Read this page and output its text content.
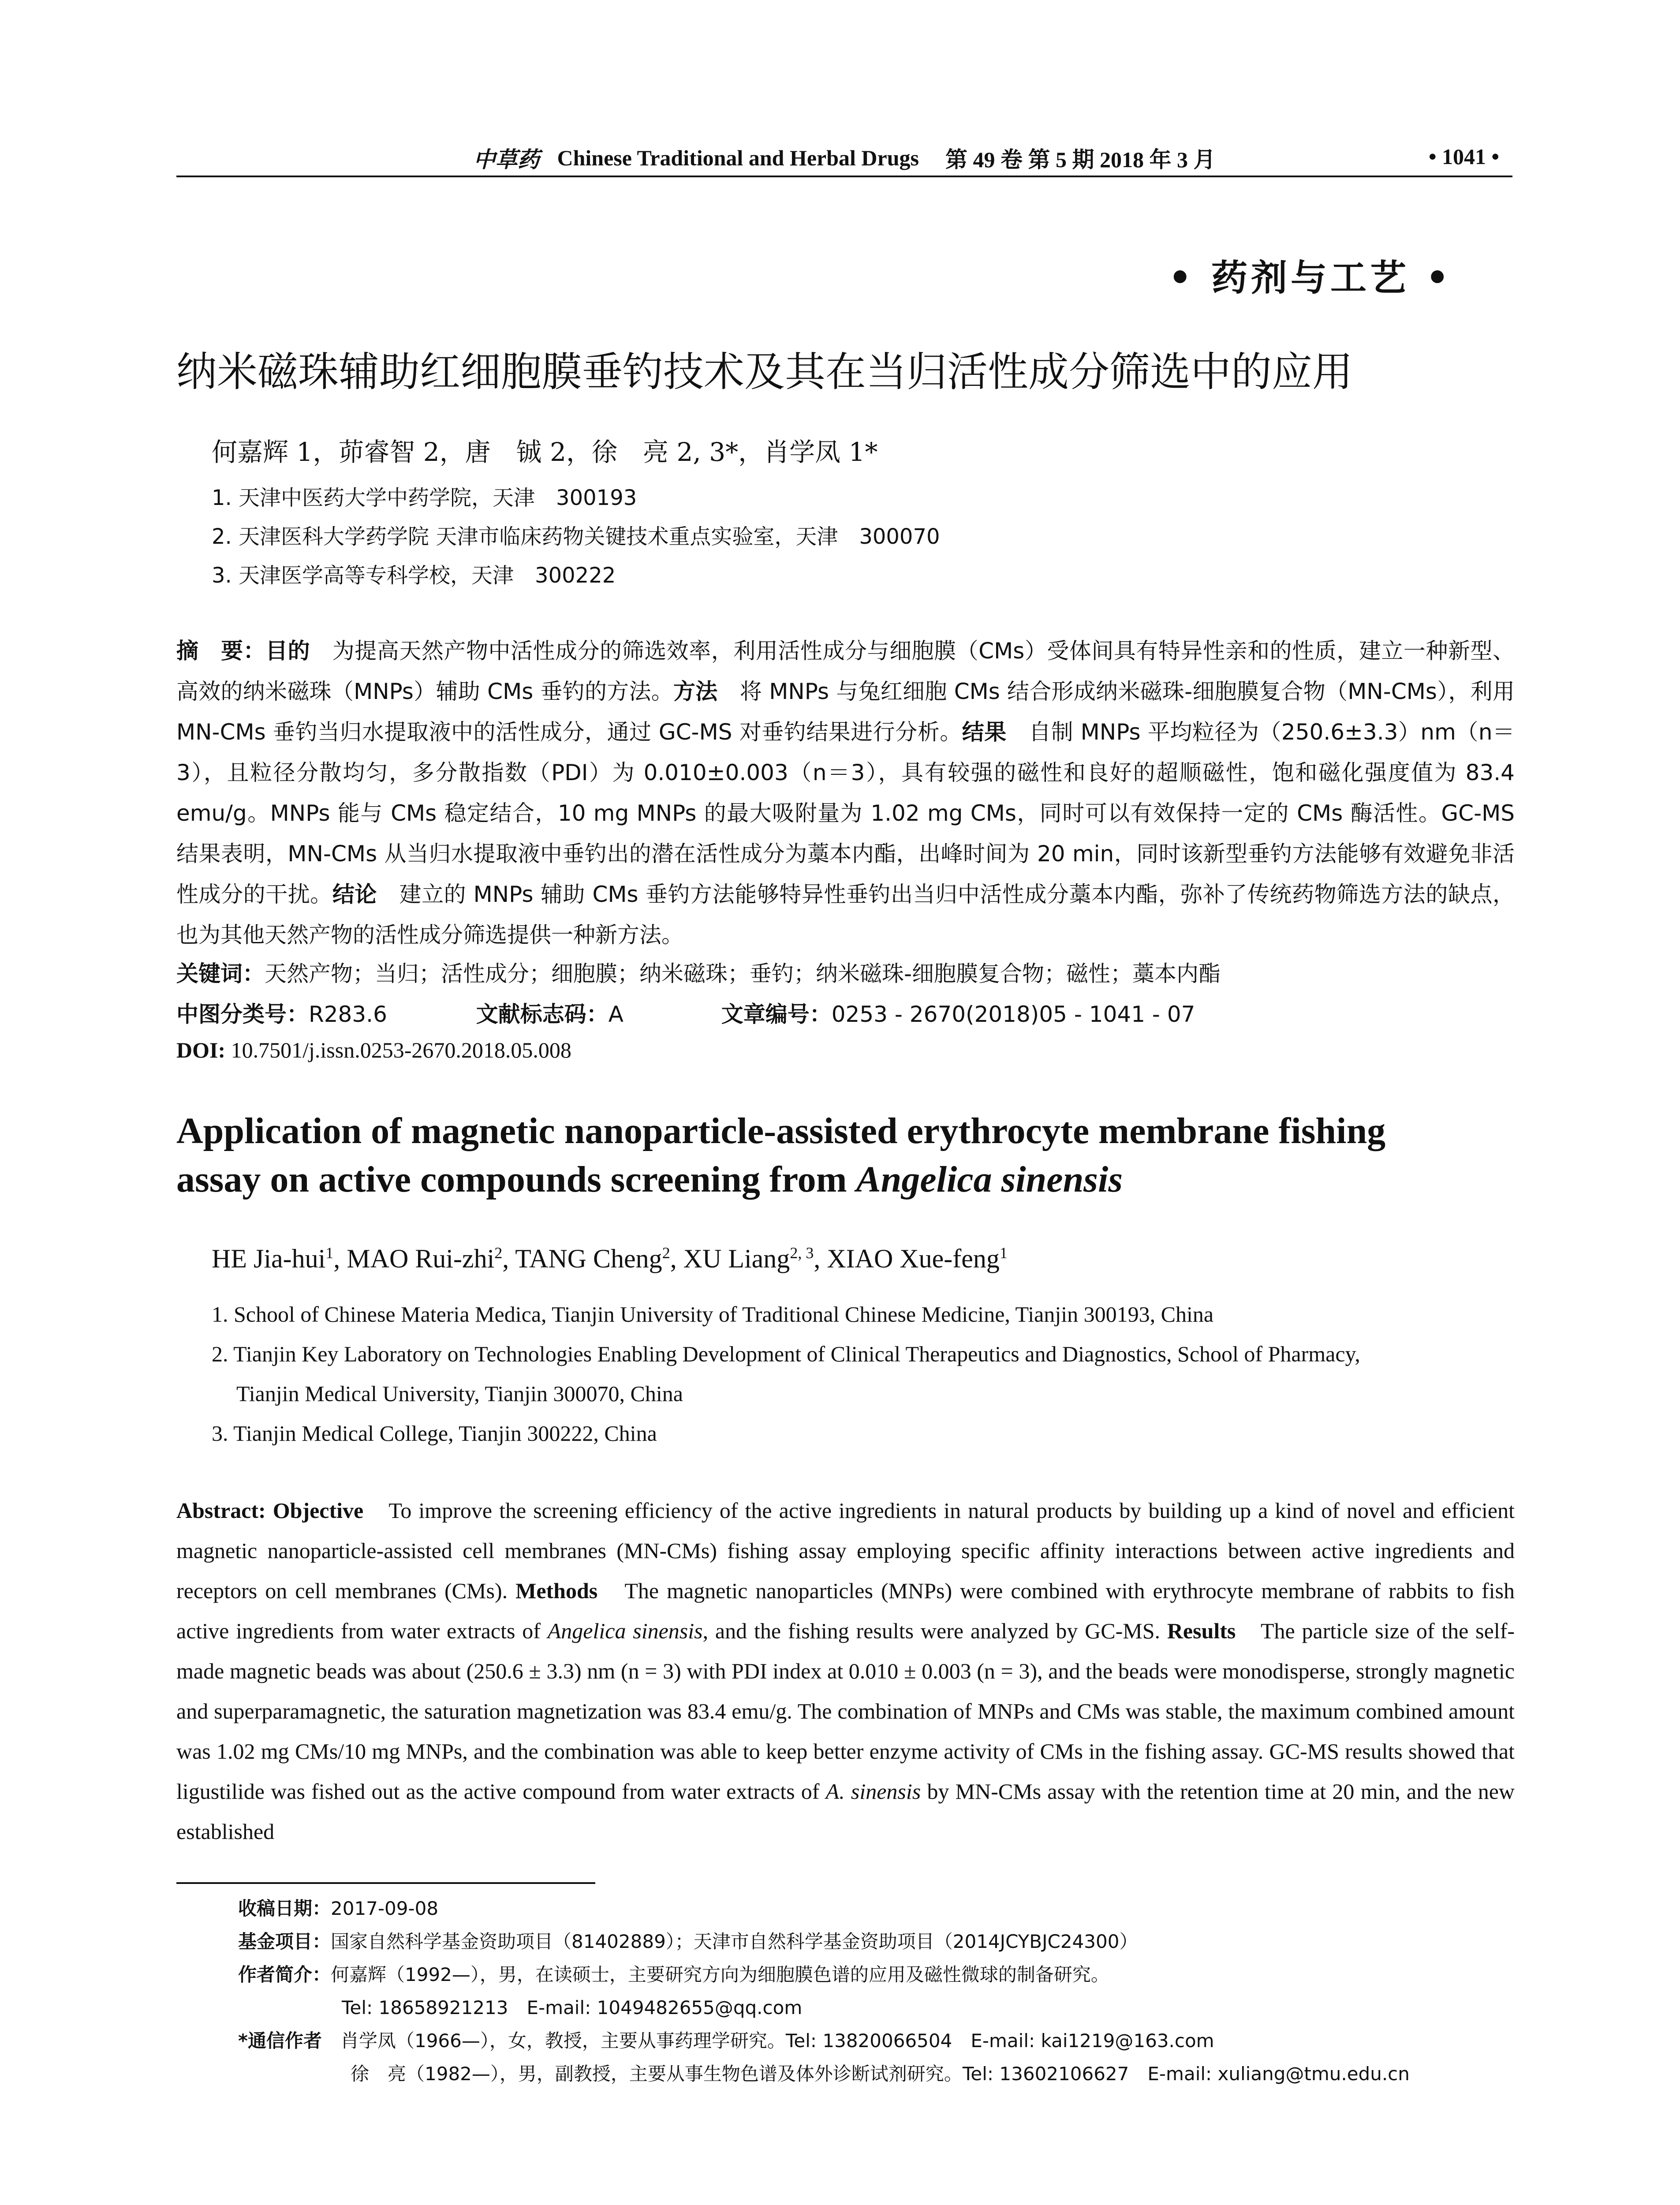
中草药 Chinese Traditional and Herbal Drugs 第 49 卷 第 5 期 2018 年 3 月	• 1041 •
• 药剂与工艺 •
纳米磁珠辅助红细胞膜垂钓技术及其在当归活性成分筛选中的应用
何嘉辉 1，茆睿智 2，唐　铖 2，徐　亮 2, 3*，肖学凤 1*
1. 天津中医药大学中药学院，天津　300193
2. 天津医科大学药学院 天津市临床药物关键技术重点实验室，天津　300070
3. 天津医学高等专科学校，天津　300222
摘　要：目的　为提高天然产物中活性成分的筛选效率，利用活性成分与细胞膜（CMs）受体间具有特异性亲和的性质，建立一种新型、高效的纳米磁珠（MNPs）辅助 CMs 垂钓的方法。方法　将 MNPs 与兔红细胞 CMs 结合形成纳米磁珠-细胞膜复合物（MN-CMs），利用 MN-CMs 垂钓当归水提取液中的活性成分，通过 GC-MS 对垂钓结果进行分析。结果　自制 MNPs 平均粒径为（250.6±3.3）nm（n＝3），且粒径分散均匀，多分散指数（PDI）为 0.010±0.003（n＝3），具有较强的磁性和良好的超顺磁性，饱和磁化强度值为 83.4 emu/g。MNPs 能与 CMs 稳定结合，10 mg MNPs 的最大吸附量为 1.02 mg CMs，同时可以有效保持一定的 CMs 酶活性。GC-MS 结果表明，MN-CMs 从当归水提取液中垂钓出的潜在活性成分为藁本内酯，出峰时间为 20 min，同时该新型垂钓方法能够有效避免非活性成分的干扰。结论　建立的 MNPs 辅助 CMs 垂钓方法能够特异性垂钓出当归中活性成分藁本内酯，弥补了传统药物筛选方法的缺点，也为其他天然产物的活性成分筛选提供一种新方法。
关键词：天然产物；当归；活性成分；细胞膜；纳米磁珠；垂钓；纳米磁珠-细胞膜复合物；磁性；藁本内酯
中图分类号：R283.6	文献标志码：A	文章编号：0253 - 2670(2018)05 - 1041 - 07
DOI: 10.7501/j.issn.0253-2670.2018.05.008
Application of magnetic nanoparticle-assisted erythrocyte membrane fishing
assay on active compounds screening from Angelica sinensis
HE Jia-hui$^1$, MAO Rui-zhi$^2$, TANG Cheng$^2$, XU Liang$^{2, 3}$, XIAO Xue-feng$^1$
1. School of Chinese Materia Medica, Tianjin University of Traditional Chinese Medicine, Tianjin 300193, China
2. Tianjin Key Laboratory on Technologies Enabling Development of Clinical Therapeutics and Diagnostics, School of Pharmacy,
Tianjin Medical University, Tianjin 300070, China
3. Tianjin Medical College, Tianjin 300222, China
Abstract: Objective　To improve the screening efficiency of the active ingredients in natural products by building up a kind of novel and efficient magnetic nanoparticle-assisted cell membranes (MN-CMs) fishing assay employing specific affinity interactions between active ingredients and receptors on cell membranes (CMs). Methods　The magnetic nanoparticles (MNPs) were combined with erythrocyte membrane of rabbits to fish active ingredients from water extracts of Angelica sinensis, and the fishing results were analyzed by GC-MS. Results　The particle size of the self-made magnetic beads was about (250.6 ± 3.3) nm (n = 3) with PDI index at 0.010 ± 0.003 (n = 3), and the beads were monodisperse, strongly magnetic and superparamagnetic, the saturation magnetization was 83.4 emu/g. The combination of MNPs and CMs was stable, the maximum combined amount was 1.02 mg CMs/10 mg MNPs, and the combination was able to keep better enzyme activity of CMs in the fishing assay. GC-MS results showed that ligustilide was fished out as the active compound from water extracts of A. sinensis by MN-CMs assay with the retention time at 20 min, and the new established
收稿日期：2017-09-08
基金项目：国家自然科学基金资助项目（81402889）；天津市自然科学基金资助项目（2014JCYBJC24300）
作者简介：何嘉辉（1992—），男，在读硕士，主要研究方向为细胞膜色谱的应用及磁性微球的制备研究。
Tel: 18658921213　E-mail: 1049482655@qq.com
*通信作者　肖学凤（1966—），女，教授，主要从事药理学研究。Tel: 13820066504　E-mail: kai1219@163.com
徐　亮（1982—），男，副教授，主要从事生物色谱及体外诊断试剂研究。Tel: 13602106627　E-mail: xuliang@tmu.edu.cn
